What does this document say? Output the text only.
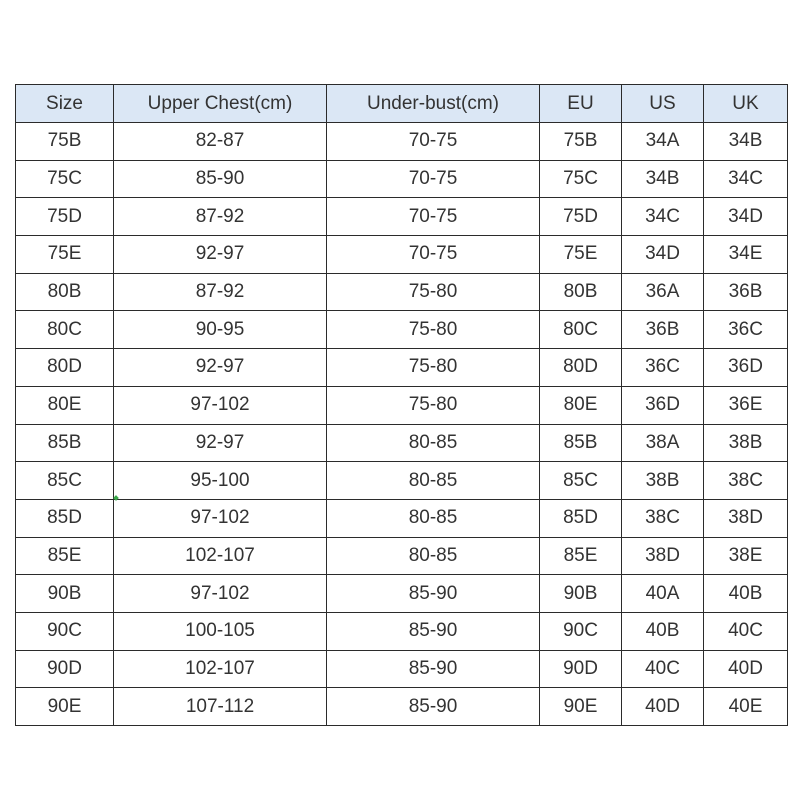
Size	Upper Chest(cm)	Under-bust(cm)	EU	US	UK
75B	82-87	70-75	75B	34A	34B
75C	85-90	70-75	75C	34B	34C
75D	87-92	70-75	75D	34C	34D
75E	92-97	70-75	75E	34D	34E
80B	87-92	75-80	80B	36A	36B
80C	90-95	75-80	80C	36B	36C
80D	92-97	75-80	80D	36C	36D
80E	97-102	75-80	80E	36D	36E
85B	92-97	80-85	85B	38A	38B
85C	95-100	80-85	85C	38B	38C
85D	97-102	80-85	85D	38C	38D
85E	102-107	80-85	85E	38D	38E
90B	97-102	85-90	90B	40A	40B
90C	100-105	85-90	90C	40B	40C
90D	102-107	85-90	90D	40C	40D
90E	107-112	85-90	90E	40D	40E
